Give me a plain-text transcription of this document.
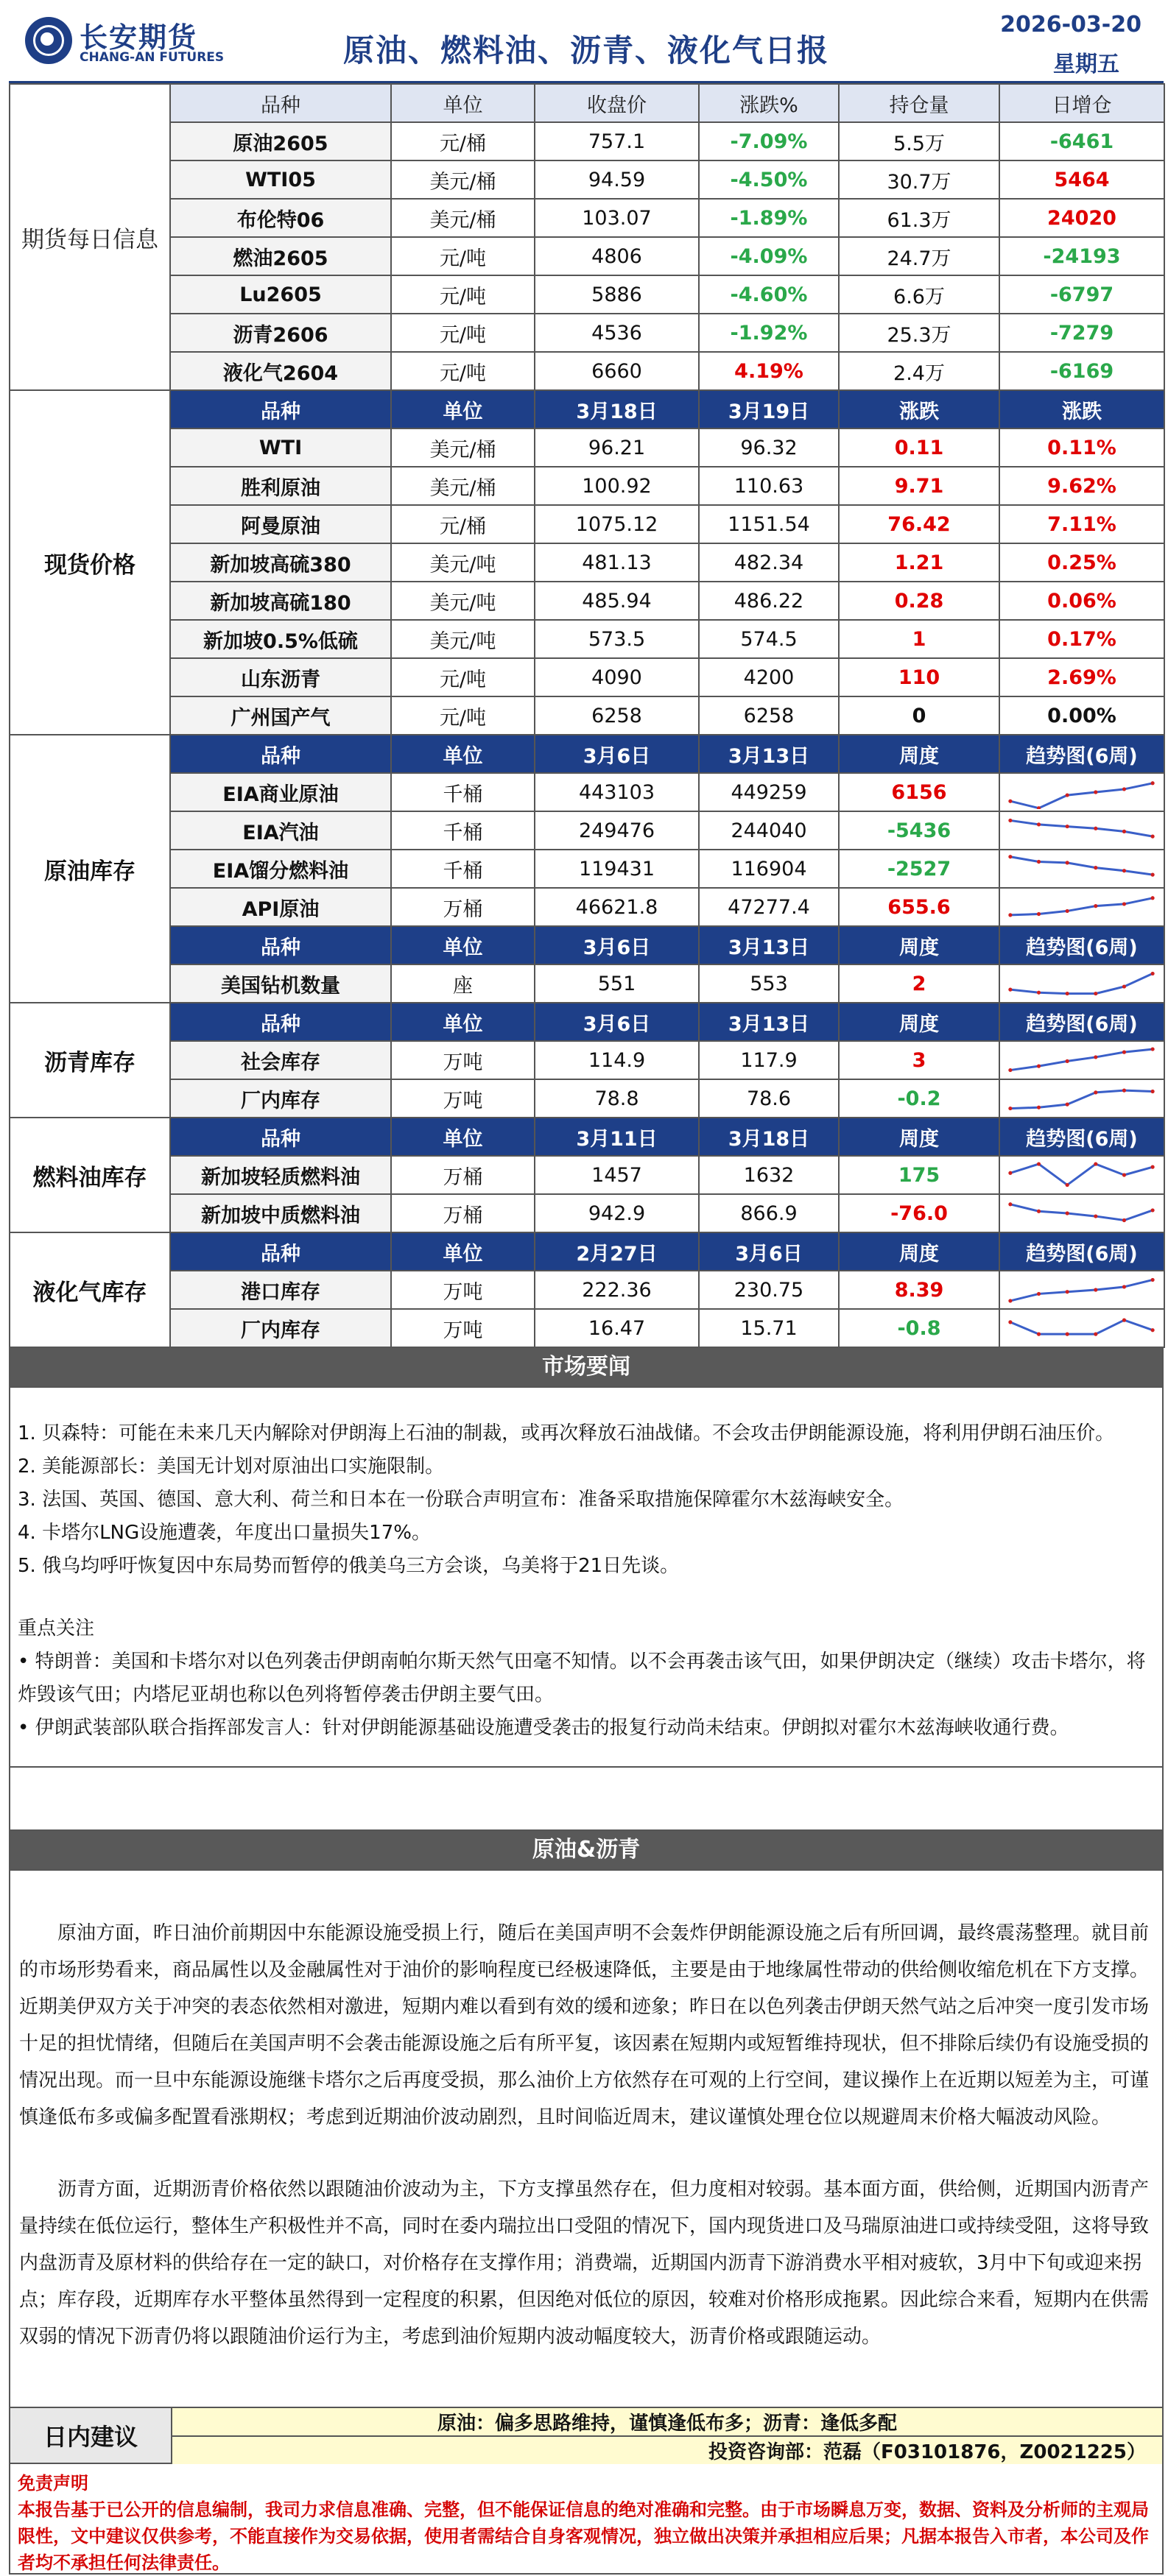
长安期货
CHANG-AN FUTURES	原油、燃料油、沥青、液化气日报
2026-03-20
星期五
期货每日信息	品种	单位	收盘价	涨跌%	持仓量	日增仓
	原油2605	元/桶	757.1	-7.09%	5.5万	-6461
	WTI05	美元/桶	94.59	-4.50%	30.7万	5464
	布伦特06	美元/桶	103.07	-1.89%	61.3万	24020
	燃油2605	元/吨	4806	-4.09%	24.7万	-24193
	Lu2605	元/吨	5886	-4.60%	6.6万	-6797
	沥青2606	元/吨	4536	-1.92%	25.3万	-7279
	液化气2604	元/吨	6660	4.19%	2.4万	-6169
现货价格	品种	单位	3月18日	3月19日	涨跌	涨跌
	WTI	美元/桶	96.21	96.32	0.11	0.11%
	胜利原油	美元/桶	100.92	110.63	9.71	9.62%
	阿曼原油	元/桶	1075.12	1151.54	76.42	7.11%
	新加坡高硫380	美元/吨	481.13	482.34	1.21	0.25%
	新加坡高硫180	美元/吨	485.94	486.22	0.28	0.06%
	新加坡0.5%低硫	美元/吨	573.5	574.5	1	0.17%
	山东沥青	元/吨	4090	4200	110	2.69%
	广州国产气	元/吨	6258	6258	0	0.00%
原油库存	品种	单位	3月6日	3月13日	周度	趋势图(6周)
	EIA商业原油	千桶	443103	449259	6156	

	EIA汽油	千桶	249476	244040	-5436	

	EIA馏分燃料油	千桶	119431	116904	-2527	

	API原油	万桶	46621.8	47277.4	655.6	

	品种	单位	3月6日	3月13日	周度	趋势图(6周)
	美国钻机数量	座	551	553	2	

沥青库存	品种	单位	3月6日	3月13日	周度	趋势图(6周)
	社会库存	万吨	114.9	117.9	3	

	厂内库存	万吨	78.8	78.6	-0.2	

燃料油库存	品种	单位	3月11日	3月18日	周度	趋势图(6周)
	新加坡轻质燃料油	万桶	1457	1632	175	

	新加坡中质燃料油	万桶	942.9	866.9	-76.0	

液化气库存	品种	单位	2月27日	3月6日	周度	趋势图(6周)
	港口库存	万吨	222.36	230.75	8.39	

	厂内库存	万吨	16.47	15.71	-0.8	
市场要闻

1. 贝森特：可能在未来几天内解除对伊朗海上石油的制裁，或再次释放石油战储。不会攻击伊朗能源设施，将利用伊朗石油压价。

2. 美能源部长：美国无计划对原油出口实施限制。

3. 法国、英国、德国、意大利、荷兰和日本在一份联合声明宣布：准备采取措施保障霍尔木兹海峡安全。

4. 卡塔尔LNG设施遭袭，年度出口量损失17%。

5. 俄乌均呼吁恢复因中东局势而暂停的俄美乌三方会谈，乌美将于21日先谈。

重点关注

• 特朗普：美国和卡塔尔对以色列袭击伊朗南帕尔斯天然气田毫不知情。以不会再袭击该气田，如果伊朗决定（继续）攻击卡塔尔，将炸毁该气田；内塔尼亚胡也称以色列将暂停袭击伊朗主要气田。

• 伊朗武装部队联合指挥部发言人：针对伊朗能源基础设施遭受袭击的报复行动尚未结束。伊朗拟对霍尔木兹海峡收通行费。

原油&沥青

原油方面，昨日油价前期因中东能源设施受损上行，随后在美国声明不会轰炸伊朗能源设施之后有所回调，最终震荡整理。就目前的市场形势看来，商品属性以及金融属性对于油价的影响程度已经极速降低，主要是由于地缘属性带动的供给侧收缩危机在下方支撑。近期美伊双方关于冲突的表态依然相对激进，短期内难以看到有效的缓和迹象；昨日在以色列袭击伊朗天然气站之后冲突一度引发市场十足的担忧情绪，但随后在美国声明不会袭击能源设施之后有所平复，该因素在短期内或短暂维持现状，但不排除后续仍有设施受损的情况出现。而一旦中东能源设施继卡塔尔之后再度受损，那么油价上方依然存在可观的上行空间，建议操作上在近期以短差为主，可谨慎逢低布多或偏多配置看涨期权；考虑到近期油价波动剧烈，且时间临近周末，建议谨慎处理仓位以规避周末价格大幅波动风险。

沥青方面，近期沥青价格依然以跟随油价波动为主，下方支撑虽然存在，但力度相对较弱。基本面方面，供给侧，近期国内沥青产量持续在低位运行，整体生产积极性并不高，同时在委内瑞拉出口受阻的情况下，国内现货进口及马瑞原油进口或持续受阻，这将导致内盘沥青及原材料的供给存在一定的缺口，对价格存在支撑作用；消费端，近期国内沥青下游消费水平相对疲软，3月中下旬或迎来拐点；库存段，近期库存水平整体虽然得到一定程度的积累，但因绝对低位的原因，较难对价格形成拖累。因此综合来看，短期内在供需双弱的情况下沥青仍将以跟随油价运行为主，考虑到油价短期内波动幅度较大，沥青价格或跟随运动。

日内建议	原油：偏多思路维持，谨慎逢低布多；沥青：逢低多配
投资咨询部：范磊（F03101876，Z0021225）
免责声明
本报告基于已公开的信息编制，我司力求信息准确、完整，但不能保证信息的绝对准确和完整。由于市场瞬息万变，数据、资料及分析师的主观局限性，文中建议仅供参考，不能直接作为交易依据，使用者需结合自身客观情况，独立做出决策并承担相应后果；凡据本报告入市者，本公司及作者均不承担任何法律责任。
